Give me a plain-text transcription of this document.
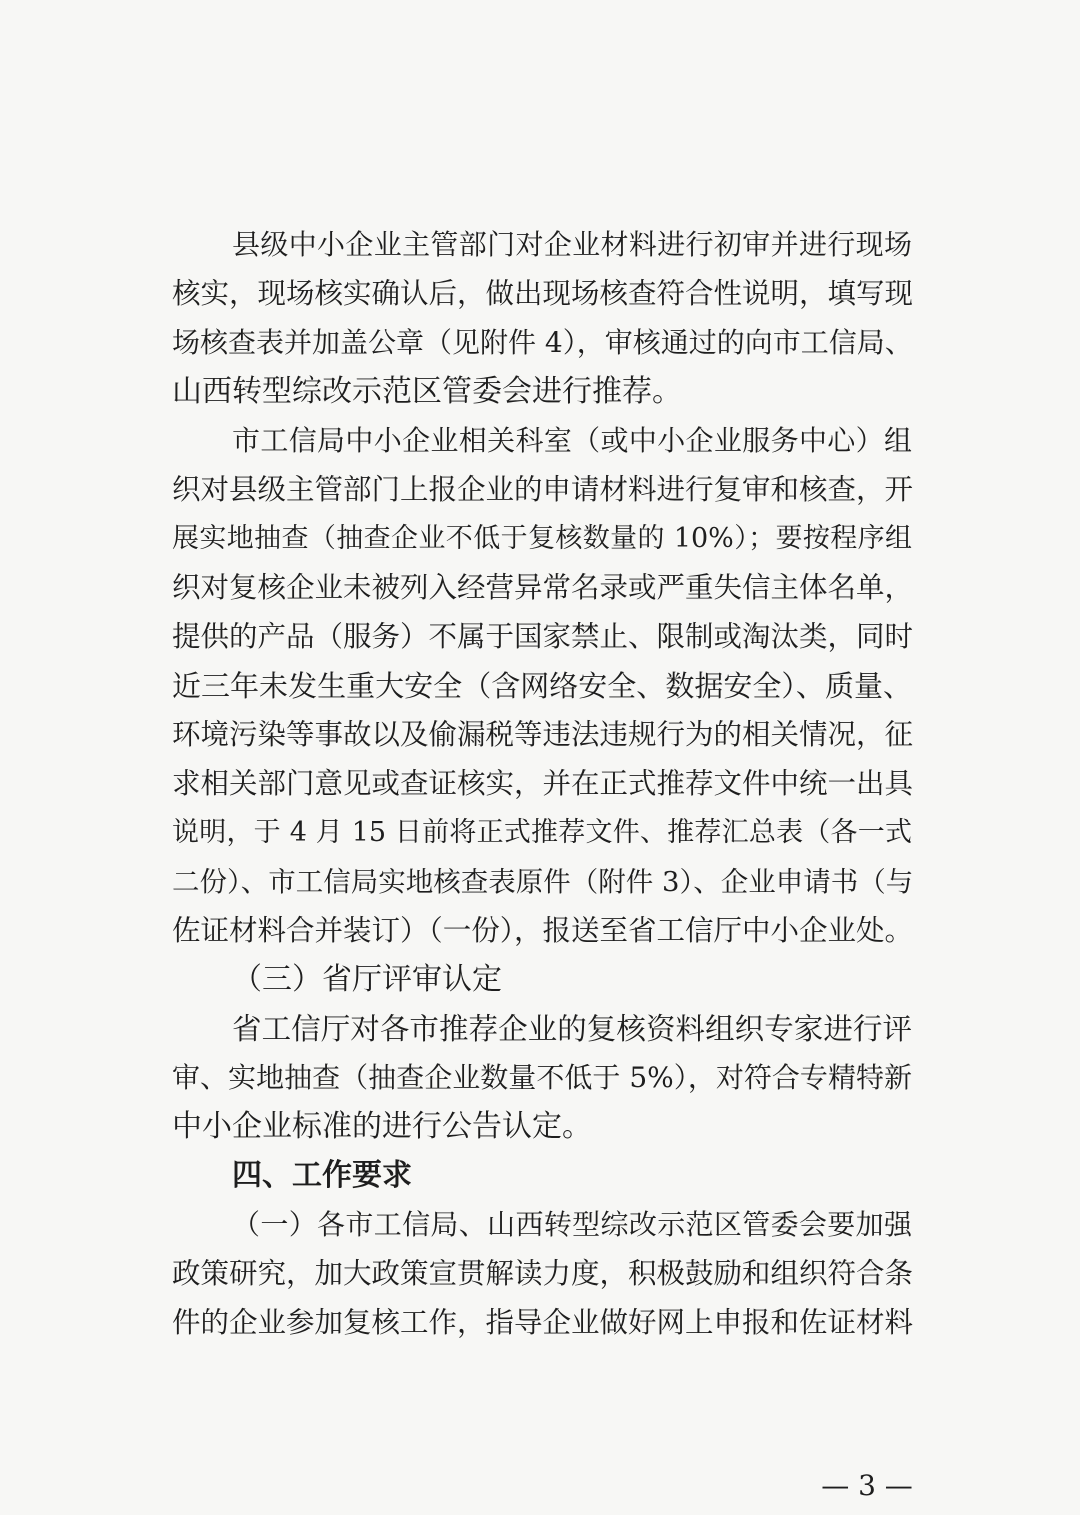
县级中小企业主管部门对企业材料进行初审并进行现场
核实，现场核实确认后，做出现场核查符合性说明，填写现
场核查表并加盖公章（见附件 4），审核通过的向市工信局、
山西转型综改示范区管委会进行推荐。
市工信局中小企业相关科室（或中小企业服务中心）组
织对县级主管部门上报企业的申请材料进行复审和核查，开
展实地抽查（抽查企业不低于复核数量的 10%）；要按程序组
织对复核企业未被列入经营异常名录或严重失信主体名单，
提供的产品（服务）不属于国家禁止、限制或淘汰类，同时
近三年未发生重大安全（含网络安全、数据安全）、质量、
环境污染等事故以及偷漏税等违法违规行为的相关情况，征
求相关部门意见或查证核实，并在正式推荐文件中统一出具
说明，于 4 月 15 日前将正式推荐文件、推荐汇总表（各一式
二份）、市工信局实地核查表原件（附件 3）、企业申请书（与
佐证材料合并装订）（一份），报送至省工信厅中小企业处。
（三）省厅评审认定
省工信厅对各市推荐企业的复核资料组织专家进行评
审、实地抽查（抽查企业数量不低于 5%），对符合专精特新
中小企业标准的进行公告认定。
四、工作要求
（一）各市工信局、山西转型综改示范区管委会要加强
政策研究，加大政策宣贯解读力度，积极鼓励和组织符合条
件的企业参加复核工作，指导企业做好网上申报和佐证材料
— 3 —
